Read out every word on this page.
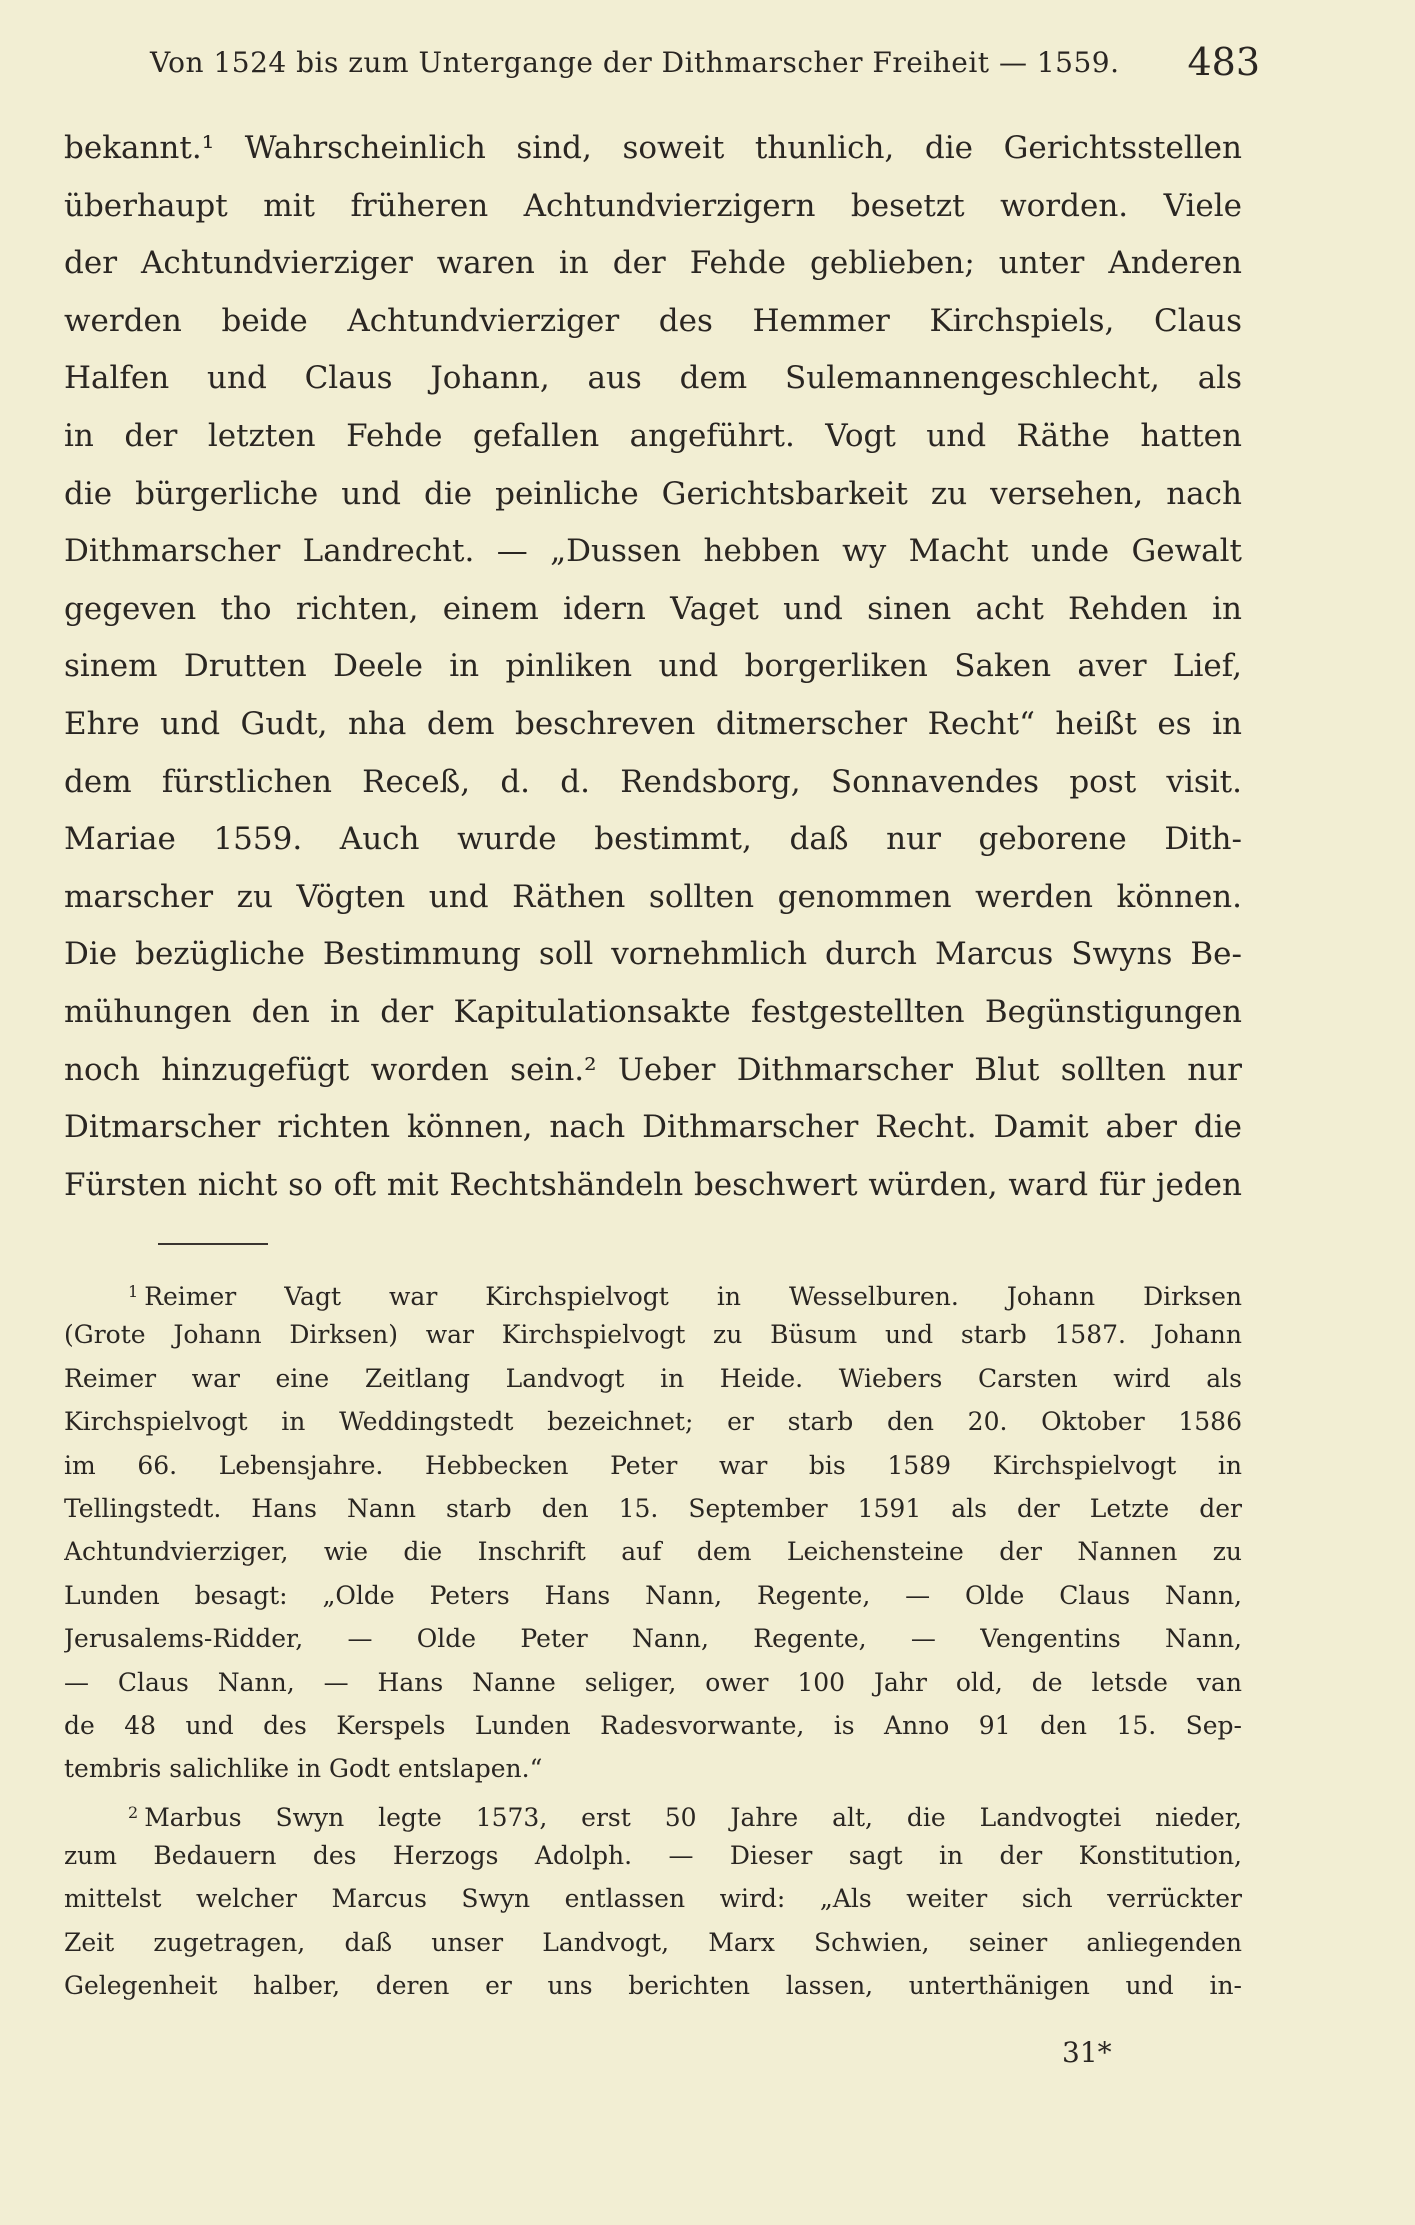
Von 1524 bis zum Untergange der Dithmarscher Freiheit — 1559. 483
bekannt.¹ Wahrscheinlich sind, soweit thunlich, die Gerichtsstellen
überhaupt mit früheren Achtundvierzigern besetzt worden. Viele
der Achtundvierziger waren in der Fehde geblieben; unter Anderen
werden beide Achtundvierziger des Hemmer Kirchspiels, Claus
Halfen und Claus Johann, aus dem Sulemannengeschlecht, als
in der letzten Fehde gefallen angeführt. Vogt und Räthe hatten
die bürgerliche und die peinliche Gerichtsbarkeit zu versehen, nach
Dithmarscher Landrecht. — „Dussen hebben wy Macht unde Gewalt
gegeven tho richten, einem idern Vaget und sinen acht Rehden in
sinem Drutten Deele in pinliken und borgerliken Saken aver Lief,
Ehre und Gudt, nha dem beschreven ditmerscher Recht“ heißt es in
dem fürstlichen Receß, d. d. Rendsborg, Sonnavendes post visit.
Mariae 1559. Auch wurde bestimmt, daß nur geborene Dith-
marscher zu Vögten und Räthen sollten genommen werden können.
Die bezügliche Bestimmung soll vornehmlich durch Marcus Swyns Be-
mühungen den in der Kapitulationsakte festgestellten Begünstigungen
noch hinzugefügt worden sein.² Ueber Dithmarscher Blut sollten nur
Ditmarscher richten können, nach Dithmarscher Recht. Damit aber die
Fürsten nicht so oft mit Rechtshändeln beschwert würden, ward für jeden
$^1$ Reimer Vagt war Kirchspielvogt in Wesselburen. Johann Dirksen
(Grote Johann Dirksen) war Kirchspielvogt zu Büsum und starb 1587. Johann
Reimer war eine Zeitlang Landvogt in Heide. Wiebers Carsten wird als
Kirchspielvogt in Weddingstedt bezeichnet; er starb den 20. Oktober 1586
im 66. Lebensjahre. Hebbecken Peter war bis 1589 Kirchspielvogt in
Tellingstedt. Hans Nann starb den 15. September 1591 als der Letzte der
Achtundvierziger, wie die Inschrift auf dem Leichensteine der Nannen zu
Lunden besagt: „Olde Peters Hans Nann, Regente, — Olde Claus Nann,
Jerusalems-Ridder, — Olde Peter Nann, Regente, — Vengentins Nann,
— Claus Nann, — Hans Nanne seliger, ower 100 Jahr old, de letsde van
de 48 und des Kerspels Lunden Radesvorwante, is Anno 91 den 15. Sep-
tembris salichlike in Godt entslapen.“
$^2$ Marbus Swyn legte 1573, erst 50 Jahre alt, die Landvogtei nieder,
zum Bedauern des Herzogs Adolph. — Dieser sagt in der Konstitution,
mittelst welcher Marcus Swyn entlassen wird: „Als weiter sich verrückter
Zeit zugetragen, daß unser Landvogt, Marx Schwien, seiner anliegenden
Gelegenheit halber, deren er uns berichten lassen, unterthänigen und in-
31*
